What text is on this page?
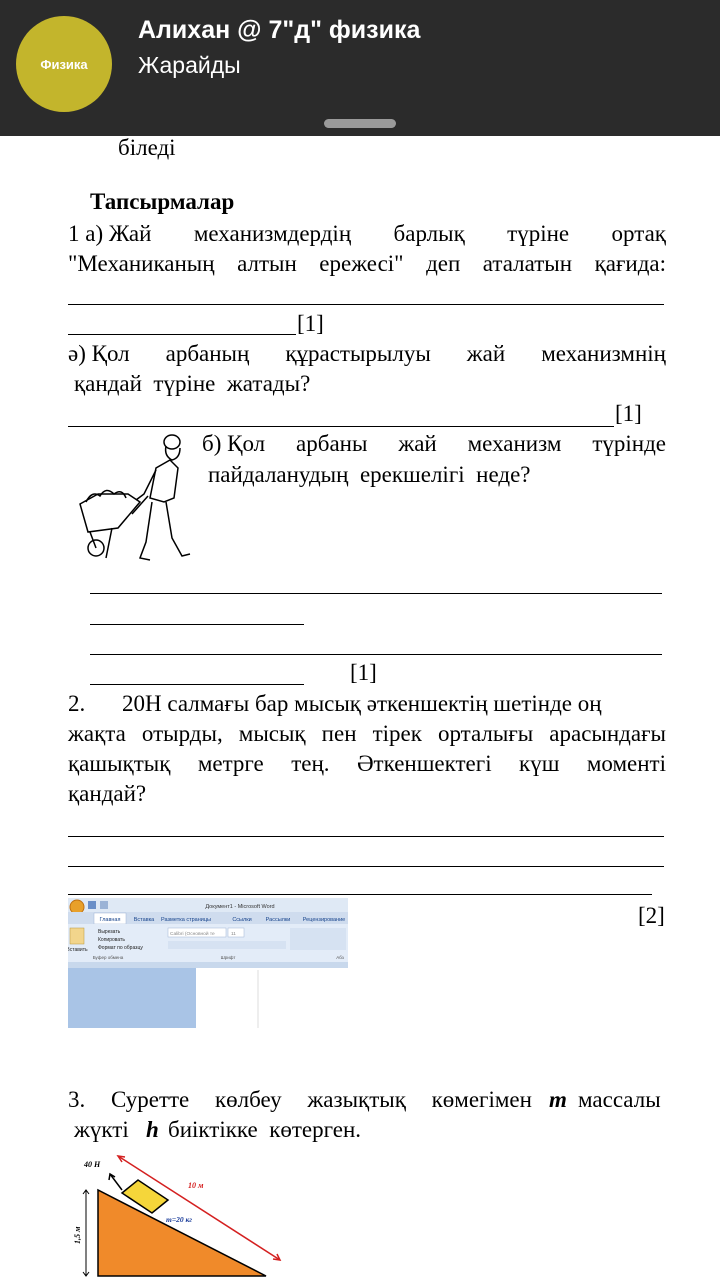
Физика
Алихан @ 7"д" физика
Жарайды
біледі
Тапсырмалар
1 а) Жай механизмдердің барлық түріне ортақ
"Механиканың алтын ережесі" деп аталатын қағида:
[1]
ә) Қол арбаның құрастырылуы жай механизмнің
қандай  түріне  жатады?
[1]
б) Қол арбаны жай механизм түрінде
пайдаланудың  ерекшелігі  неде?
[1]
2. 20Н салмағы бар мысық әткеншектің шетінде оң
жақта отырды, мысық пен тірек орталығы арасындағы
қашықтық метрге тең. Әткеншектегі күш моменті
қандай?
[2]
Документ1 - Microsoft Word
Главная Вставка Разметка страницы	Ссылки	Рассылки Рецензирование
Вставить
Вырезать
Копировать
Формат по образцу
Буфер обмена
Calibri (Основной те	11
Шрифт	Абз
3. Суретте көлбеу жазықтық көмегімен m массалы
жүкті h биіктікке  көтерген.
1,5 м
40 Н
10 м
m=20 кг
